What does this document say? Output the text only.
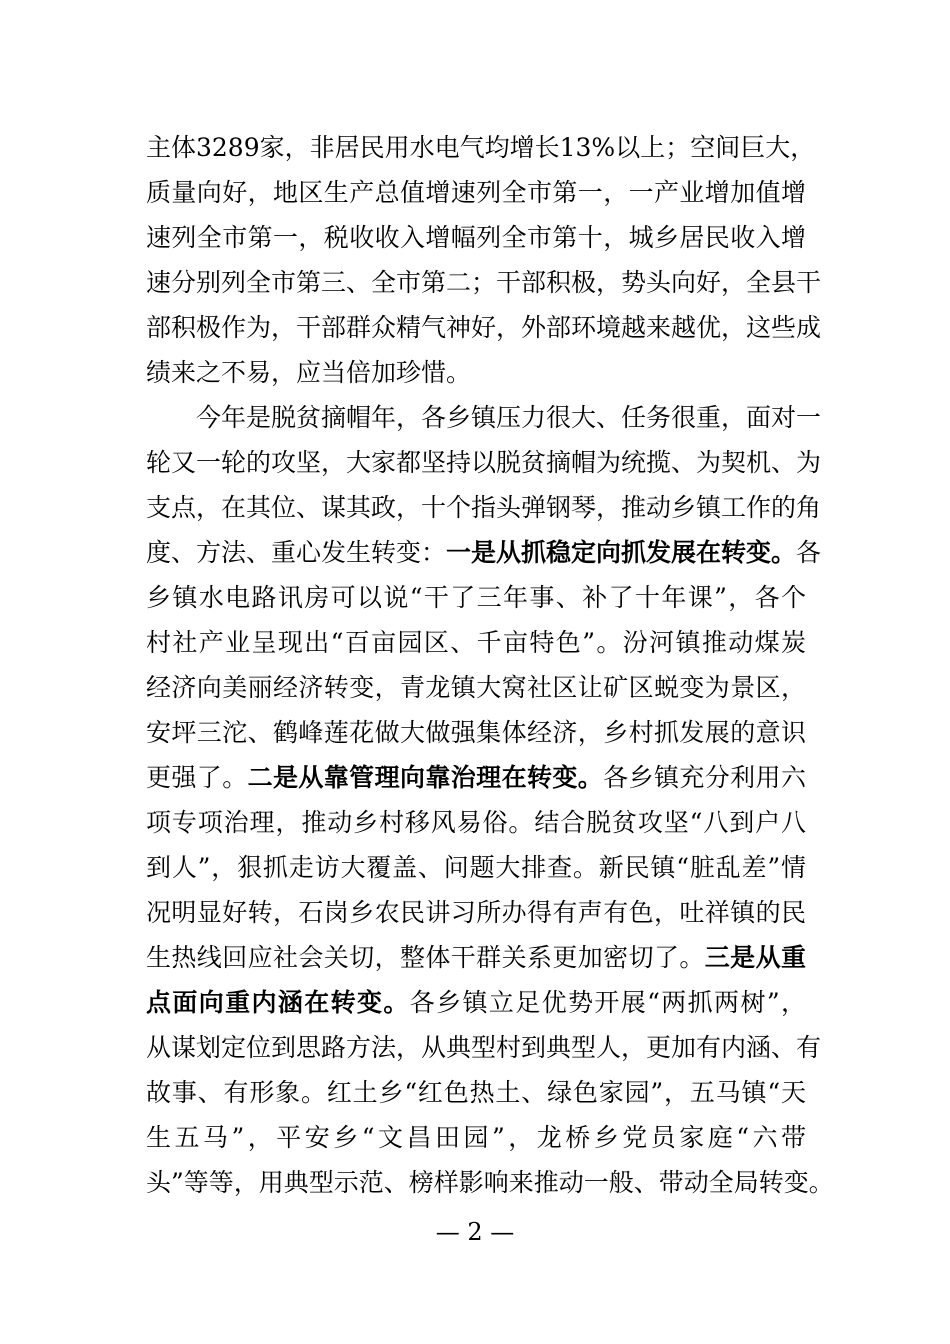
主体3289家，非居民用水电气均增长13%以上；空间巨大，
质量向好，地区生产总值增速列全市第一，一产业增加值增
速列全市第一，税收收入增幅列全市第十，城乡居民收入增
速分别列全市第三、全市第二；干部积极，势头向好，全县干
部积极作为，干部群众精气神好，外部环境越来越优，这些成
绩来之不易，应当倍加珍惜。
今年是脱贫摘帽年，各乡镇压力很大、任务很重，面对一
轮又一轮的攻坚，大家都坚持以脱贫摘帽为统揽、为契机、为
支点，在其位、谋其政，十个指头弹钢琴，推动乡镇工作的角
度、方法、重心发生转变：一是从抓稳定向抓发展在转变。各
乡镇水电路讯房可以说“干了三年事、补了十年课”，各个
村社产业呈现出“百亩园区、千亩特色”。汾河镇推动煤炭
经济向美丽经济转变，青龙镇大窝社区让矿区蜕变为景区，
安坪三沱、鹤峰莲花做大做强集体经济，乡村抓发展的意识
更强了。二是从靠管理向靠治理在转变。各乡镇充分利用六
项专项治理，推动乡村移风易俗。结合脱贫攻坚“八到户八
到人”，狠抓走访大覆盖、问题大排查。新民镇“脏乱差”情
况明显好转，石岗乡农民讲习所办得有声有色，吐祥镇的民
生热线回应社会关切，整体干群关系更加密切了。三是从重
点面向重内涵在转变。各乡镇立足优势开展“两抓两树”，
从谋划定位到思路方法，从典型村到典型人，更加有内涵、有
故事、有形象。红土乡“红色热土、绿色家园”，五马镇“天
生五马”，平安乡“文昌田园”，龙桥乡党员家庭“六带
头”等等，用典型示范、榜样影响来推动一般、带动全局转变。
— 2 —
